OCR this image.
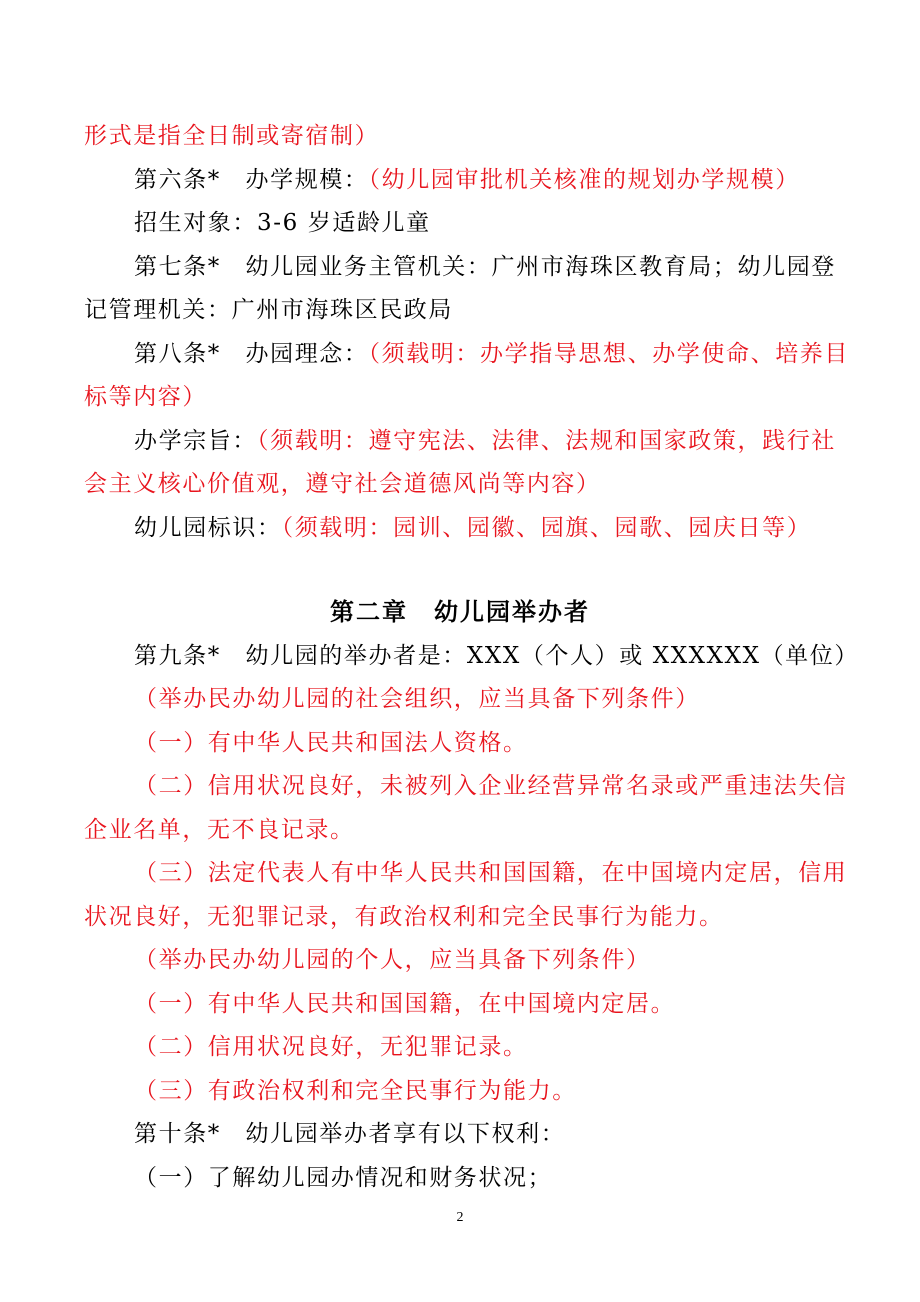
形式是指全日制或寄宿制）
第六条*　办学规模：（幼儿园审批机关核准的规划办学规模）
招生对象：3-6 岁适龄儿童
第七条*　幼儿园业务主管机关：广州市海珠区教育局；幼儿园登
记管理机关：广州市海珠区民政局
第八条*　办园理念：（须载明：办学指导思想、办学使命、培养目
标等内容）
办学宗旨：（须载明：遵守宪法、法律、法规和国家政策，践行社
会主义核心价值观，遵守社会道德风尚等内容）
幼儿园标识：（须载明：园训、园徽、园旗、园歌、园庆日等）
第二章　幼儿园举办者
第九条*　幼儿园的举办者是：XXX（个人）或 XXXXXX（单位）
（举办民办幼儿园的社会组织，应当具备下列条件）
（一）有中华人民共和国法人资格。
（二）信用状况良好，未被列入企业经营异常名录或严重违法失信
企业名单，无不良记录。
（三）法定代表人有中华人民共和国国籍，在中国境内定居，信用
状况良好，无犯罪记录，有政治权利和完全民事行为能力。
（举办民办幼儿园的个人，应当具备下列条件）
（一）有中华人民共和国国籍，在中国境内定居。
（二）信用状况良好，无犯罪记录。
（三）有政治权利和完全民事行为能力。
第十条*　幼儿园举办者享有以下权利：
（一）了解幼儿园办情况和财务状况；
2
